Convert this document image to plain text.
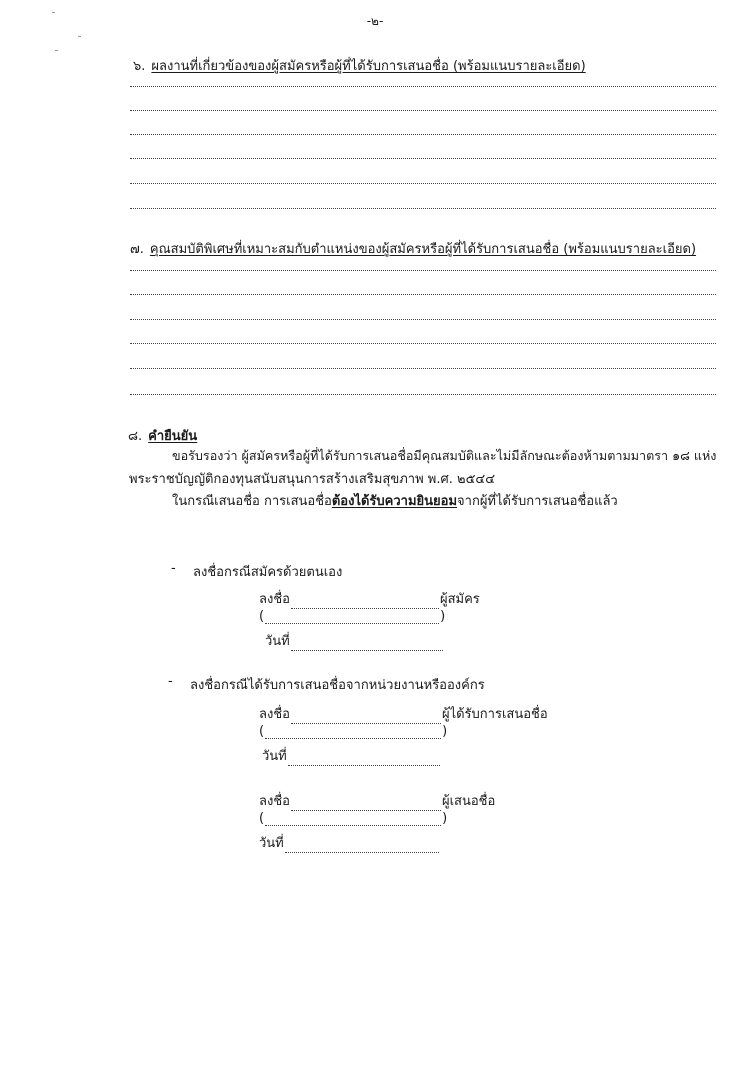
-๒-
๖. ผลงานที่เกี่ยวข้องของผู้สมัครหรือผู้ที่ได้รับการเสนอชื่อ (พร้อมแนบรายละเอียด)
๗. คุณสมบัติพิเศษที่เหมาะสมกับตำแหน่งของผู้สมัครหรือผู้ที่ได้รับการเสนอชื่อ (พร้อมแนบรายละเอียด)
๘. คำยืนยัน
ขอรับรองว่า ผู้สมัครหรือผู้ที่ได้รับการเสนอชื่อมีคุณสมบัติและไม่มีลักษณะต้องห้ามตามมาตรา ๑๘ แห่ง
พระราชบัญญัติกองทุนสนับสนุนการสร้างเสริมสุขภาพ พ.ศ. ๒๕๔๔
ในกรณีเสนอชื่อ การเสนอชื่อต้องได้รับความยินยอมจากผู้ที่ได้รับการเสนอชื่อแล้ว
- ลงชื่อกรณีสมัครด้วยตนเอง
ลงชื่อ	ผู้สมัคร
(	)
วันที่
- ลงชื่อกรณีได้รับการเสนอชื่อจากหน่วยงานหรือองค์กร
ลงชื่อ	ผู้ได้รับการเสนอชื่อ
(	)
วันที่
ลงชื่อ	ผู้เสนอชื่อ
(	)
วันที่
